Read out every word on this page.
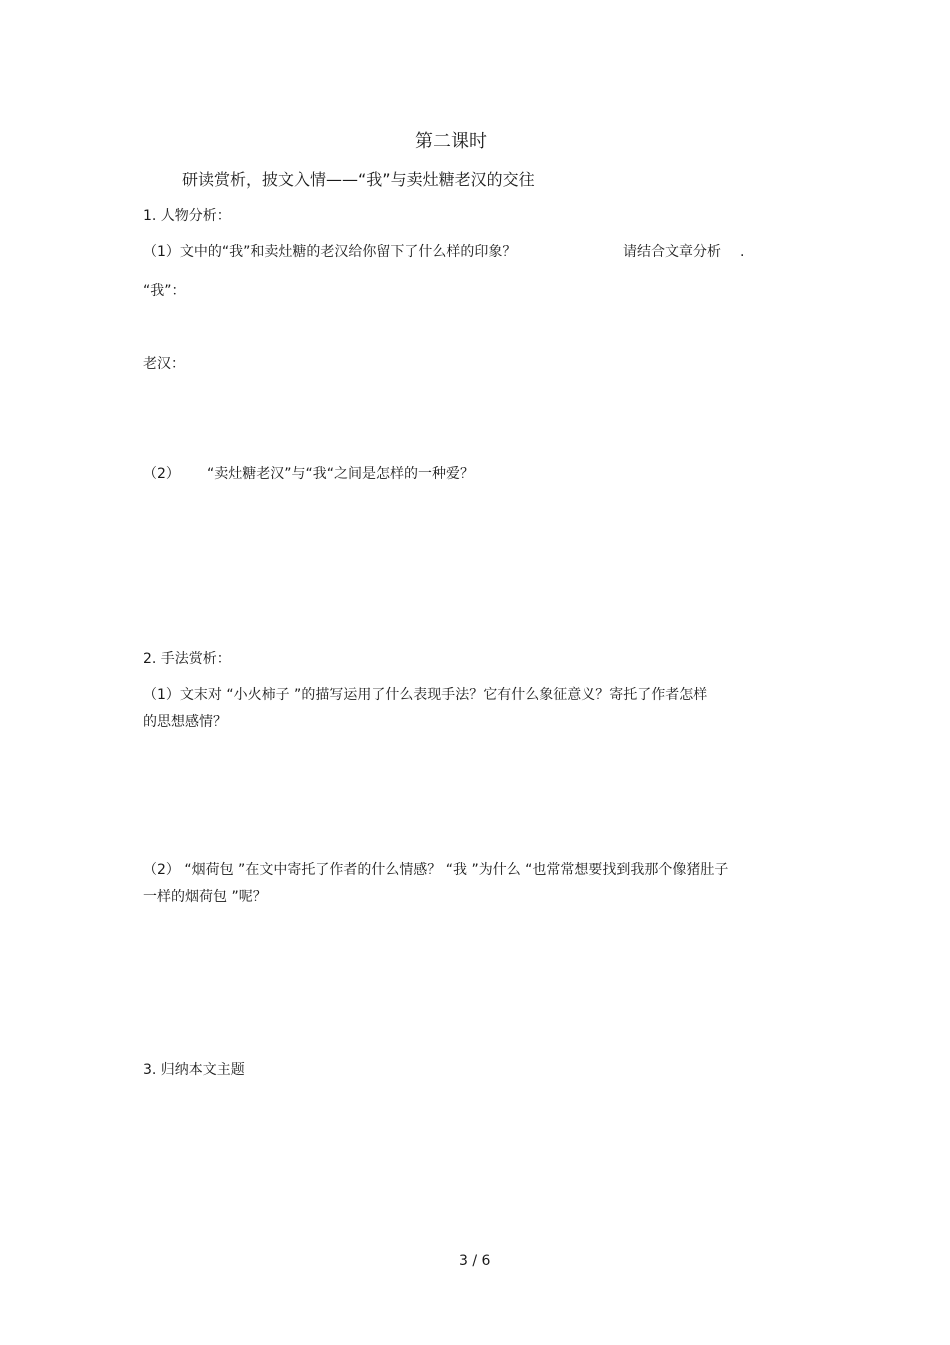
第二课时
研读赏析，披文入情——“我”与卖灶糖老汉的交往
1. 人物分析：
（1）文中的“我”和卖灶糖的老汉给你留下了什么样的印象？	请结合文章分析 .
“我”：
老汉：
（2） “卖灶糖老汉”与“我“之间是怎样的一种爱？
2. 手法赏析：
（1）文末对 “小火柿子 ”的描写运用了什么表现手法？它有什么象征意义？寄托了作者怎样
的思想感情？
（2） “烟荷包 ”在文中寄托了作者的什么情感？ “我 ”为什么 “也常常想要找到我那个像猪肚子
一样的烟荷包 ”呢？
3. 归纳本文主题
3 / 6
